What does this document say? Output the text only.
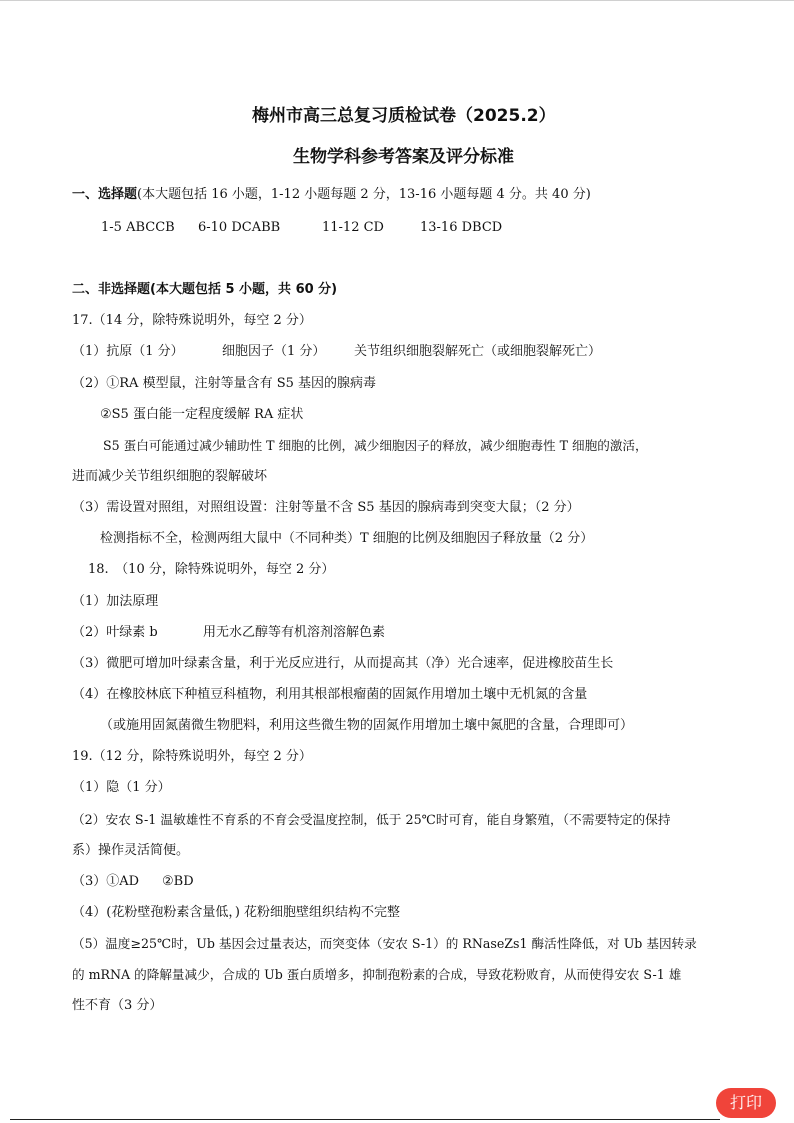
梅州市高三总复习质检试卷（2025.2）
生物学科参考答案及评分标准
一、选择题(本大题包括 16 小题，1-12 小题每题 2 分，13-16 小题每题 4 分。共 40 分)
1-5 ABCCB 6-10 DCABB	11-12 CD	13-16 DBCD
二、非选择题(本大题包括 5 小题，共 60 分)
17.（14 分，除特殊说明外，每空 2 分）
（1）抗原（1 分）	细胞因子（1 分） 关节组织细胞裂解死亡（或细胞裂解死亡）
（2）①RA 模型鼠，注射等量含有 S5 基因的腺病毒
②S5 蛋白能一定程度缓解 RA 症状
S5 蛋白可能通过减少辅助性 T 细胞的比例，减少细胞因子的释放，减少细胞毒性 T 细胞的激活，
进而减少关节组织细胞的裂解破坏
（3）需设置对照组，对照组设置：注射等量不含 S5 基因的腺病毒到突变大鼠；（2 分）
检测指标不全，检测两组大鼠中（不同种类）T 细胞的比例及细胞因子释放量（2 分）
18.　（10 分，除特殊说明外，每空 2 分）
（1）加法原理
（2）叶绿素 b	用无水乙醇等有机溶剂溶解色素
（3）微肥可增加叶绿素含量，利于光反应进行，从而提高其（净）光合速率，促进橡胶苗生长
（4）在橡胶林底下种植豆科植物，利用其根部根瘤菌的固氮作用增加土壤中无机氮的含量
（或施用固氮菌微生物肥料，利用这些微生物的固氮作用增加土壤中氮肥的含量，合理即可）
19.（12 分，除特殊说明外，每空 2 分）
（1）隐（1 分）
（2）安农 S-1 温敏雄性不育系的不育会受温度控制，低于 25℃时可育，能自身繁殖，（不需要特定的保持
系）操作灵活简便。
（3）①AD ②BD
（4）(花粉壁孢粉素含量低，) 花粉细胞壁组织结构不完整
（5）温度≥25℃时，Ub 基因会过量表达，而突变体（安农 S-1）的 RNaseZs1 酶活性降低，对 Ub 基因转录
的 mRNA 的降解量减少，合成的 Ub 蛋白质增多，抑制孢粉素的合成，导致花粉败育，从而使得安农 S-1 雄
性不育（3 分）
打印
